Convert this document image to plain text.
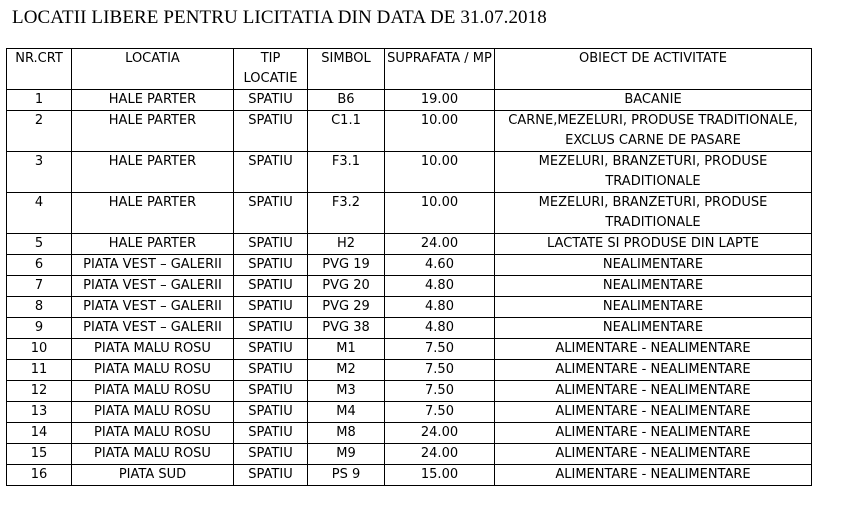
LOCATII LIBERE PENTRU LICITATIA DIN DATA DE 31.07.2018
NR.CRT	LOCATIA	TIP LOCATIE	SIMBOL	SUPRAFATA / MP	OBIECT DE ACTIVITATE
1	HALE PARTER	SPATIU	B6	19.00	BACANIE
2	HALE PARTER	SPATIU	C1.1	10.00	CARNE,MEZELURI, PRODUSE TRADITIONALE, EXCLUS CARNE DE PASARE
3	HALE PARTER	SPATIU	F3.1	10.00	MEZELURI, BRANZETURI, PRODUSE TRADITIONALE
4	HALE PARTER	SPATIU	F3.2	10.00	MEZELURI, BRANZETURI, PRODUSE TRADITIONALE
5	HALE PARTER	SPATIU	H2	24.00	LACTATE SI PRODUSE DIN LAPTE
6	PIATA VEST – GALERII	SPATIU	PVG 19	4.60	NEALIMENTARE
7	PIATA VEST – GALERII	SPATIU	PVG 20	4.80	NEALIMENTARE
8	PIATA VEST – GALERII	SPATIU	PVG 29	4.80	NEALIMENTARE
9	PIATA VEST – GALERII	SPATIU	PVG 38	4.80	NEALIMENTARE
10	PIATA MALU ROSU	SPATIU	M1	7.50	ALIMENTARE - NEALIMENTARE
11	PIATA MALU ROSU	SPATIU	M2	7.50	ALIMENTARE - NEALIMENTARE
12	PIATA MALU ROSU	SPATIU	M3	7.50	ALIMENTARE - NEALIMENTARE
13	PIATA MALU ROSU	SPATIU	M4	7.50	ALIMENTARE - NEALIMENTARE
14	PIATA MALU ROSU	SPATIU	M8	24.00	ALIMENTARE - NEALIMENTARE
15	PIATA MALU ROSU	SPATIU	M9	24.00	ALIMENTARE - NEALIMENTARE
16	PIATA SUD	SPATIU	PS 9	15.00	ALIMENTARE - NEALIMENTARE
